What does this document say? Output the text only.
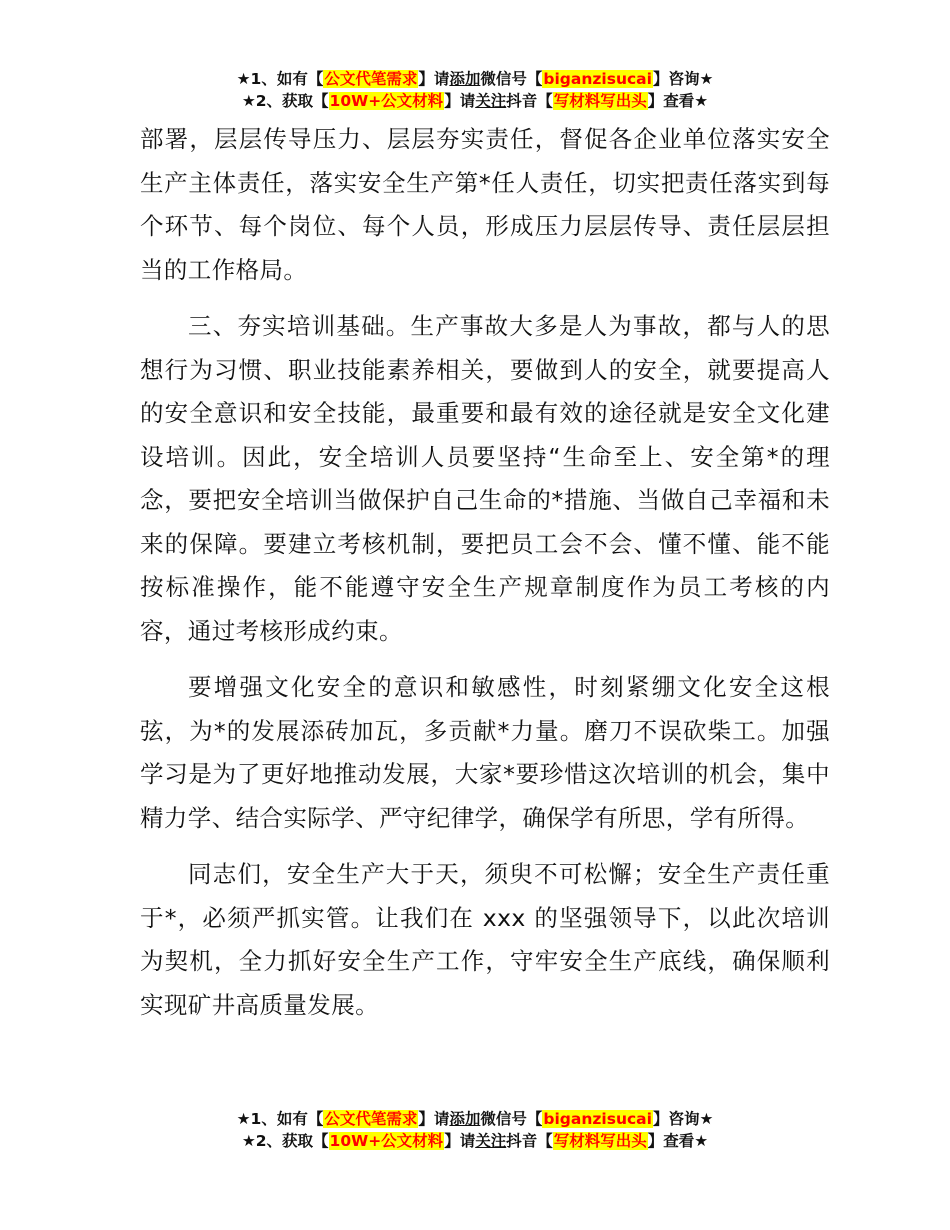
★1、如有【公文代笔需求】请添加微信号【biganzisucai】咨询★
★2、获取【10W+公文材料】请关注抖音【写材料写出头】查看★

部署，层层传导压力、层层夯实责任，督促各企业单位落实安全生产主体责任，落实安全生产第*任人责任，切实把责任落实到每个环节、每个岗位、每个人员，形成压力层层传导、责任层层担当的工作格局。

三、夯实培训基础。生产事故大多是人为事故，都与人的思想行为习惯、职业技能素养相关，要做到人的安全，就要提高人的安全意识和安全技能，最重要和最有效的途径就是安全文化建设培训。因此，安全培训人员要坚持“生命至上、安全第*的理念，要把安全培训当做保护自己生命的*措施、当做自己幸福和未来的保障。要建立考核机制，要把员工会不会、懂不懂、能不能按标准操作，能不能遵守安全生产规章制度作为员工考核的内容，通过考核形成约束。

要增强文化安全的意识和敏感性，时刻紧绷文化安全这根弦，为*的发展添砖加瓦，多贡献*力量。磨刀不误砍柴工。加强学习是为了更好地推动发展，大家*要珍惜这次培训的机会，集中精力学、结合实际学、严守纪律学，确保学有所思，学有所得。

同志们，安全生产大于天，须臾不可松懈；安全生产责任重于*，必须严抓实管。让我们在 xxx 的坚强领导下，以此次培训为契机，全力抓好安全生产工作，守牢安全生产底线，确保顺利实现矿井高质量发展。

★1、如有【公文代笔需求】请添加微信号【biganzisucai】咨询★
★2、获取【10W+公文材料】请关注抖音【写材料写出头】查看★
